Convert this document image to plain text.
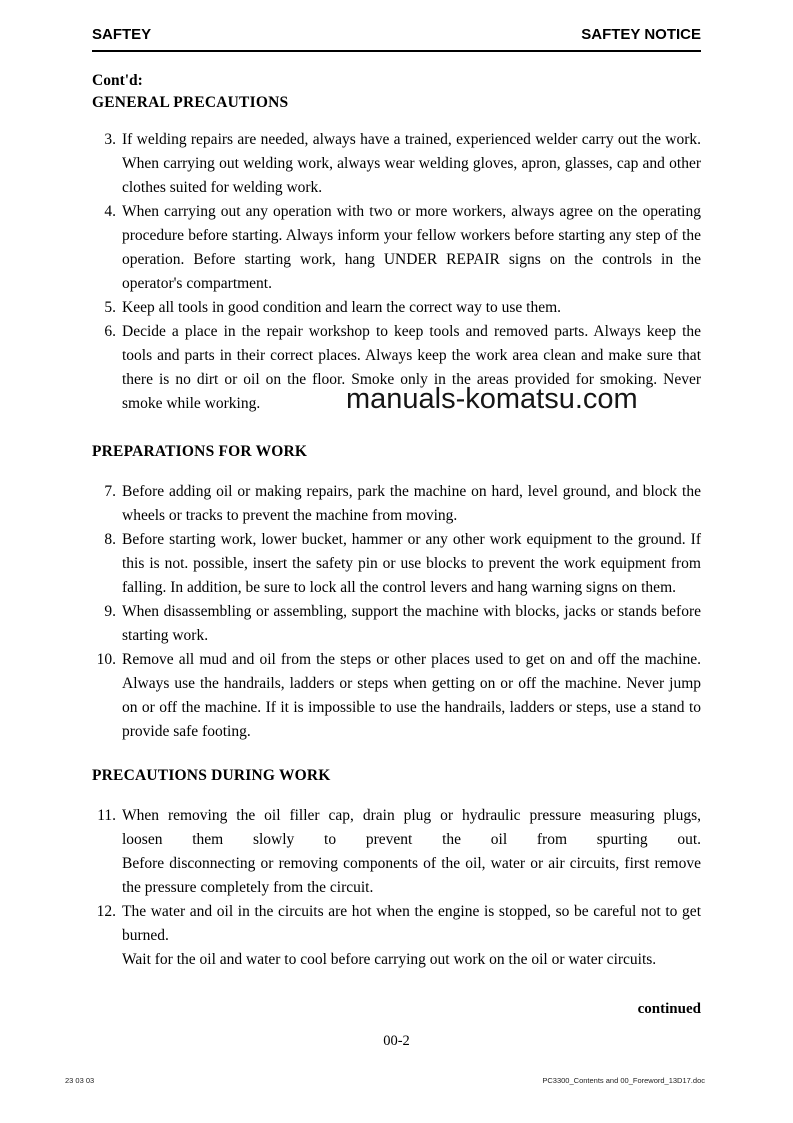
SAFTEY	SAFTEY NOTICE
Cont'd:
GENERAL PRECAUTIONS
3. If welding repairs are needed, always have a trained, experienced welder carry out the work. When carrying out welding work, always wear welding gloves, apron, glasses, cap and other clothes suited for welding work.
4. When carrying out any operation with two or more workers, always agree on the operating procedure before starting. Always inform your fellow workers before starting any step of the operation. Before starting work, hang UNDER REPAIR signs on the controls in the operator's compartment.
5. Keep all tools in good condition and learn the correct way to use them.
6. Decide a place in the repair workshop to keep tools and removed parts. Always keep the tools and parts in their correct places. Always keep the work area clean and make sure that there is no dirt or oil on the floor. Smoke only in the areas provided for smoking. Never smoke while working.
PREPARATIONS FOR WORK
7. Before adding oil or making repairs, park the machine on hard, level ground, and block the wheels or tracks to prevent the machine from moving.
8. Before starting work, lower bucket, hammer or any other work equipment to the ground. If this is not. possible, insert the safety pin or use blocks to prevent the work equipment from falling. In addition, be sure to lock all the control levers and hang warning signs on them.
9. When disassembling or assembling, support the machine with blocks, jacks or stands before starting work.
10. Remove all mud and oil from the steps or other places used to get on and off the machine. Always use the handrails, ladders or steps when getting on or off the machine. Never jump on or off the machine. If it is impossible to use the handrails, ladders or steps, use a stand to provide safe footing.
PRECAUTIONS DURING WORK
11. When removing the oil filler cap, drain plug or hydraulic pressure measuring plugs,
loosen them slowly to prevent the oil from spurting out.
Before disconnecting or removing components of the oil, water or air circuits, first remove the pressure completely from the circuit.
12. The water and oil in the circuits are hot when the engine is stopped, so be careful not to get burned.
Wait for the oil and water to cool before carrying out work on the oil or water circuits.
continued
00-2
manuals-komatsu.com
23 03 03	PC3300_Contents and 00_Foreword_13D17.doc
